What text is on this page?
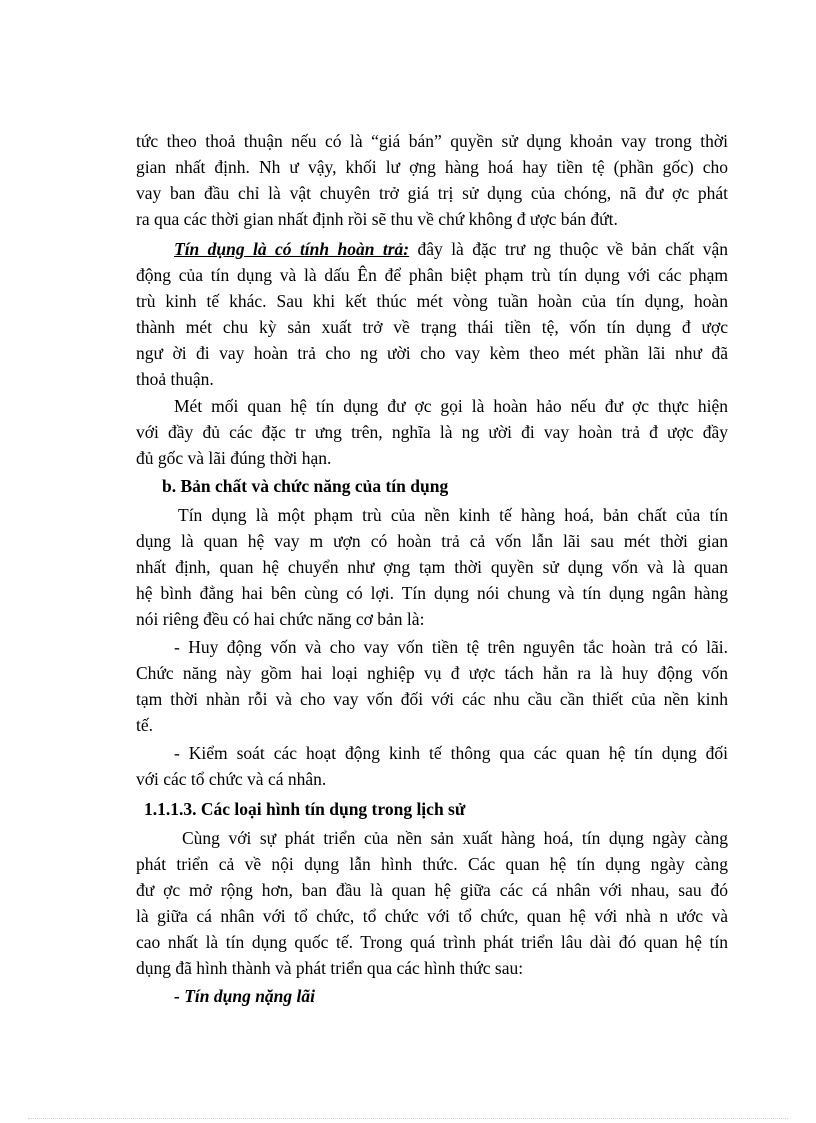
tức theo thoả thuận nếu có là “giá bán” quyền sử dụng khoản vay trong thời
gian nhất định. Nh ư vậy, khối lư ợng hàng hoá hay tiền tệ (phần gốc) cho
vay ban đầu chỉ là vật chuyên trở giá trị sử dụng của chóng, nã đư ợc phát
ra qua các thời gian nhất định rồi sẽ thu về chứ không đ ược bán đứt.
Tín dụng là có tính hoàn trả: đây là đặc trư ng thuộc về bản chất vận
động của tín dụng và là dấu Ên để phân biệt phạm trù tín dụng với các phạm
trù kinh tế khác. Sau khi kết thúc mét vòng tuần hoàn của tín dụng, hoàn
thành mét chu kỳ sản xuất trở về trạng thái tiền tệ, vốn tín dụng đ ược
ngư ời đi vay hoàn trả cho ng ười cho vay kèm theo mét phần lãi như đã
thoả thuận.
Mét mối quan hệ tín dụng đư ợc gọi là hoàn hảo nếu đư ợc thực hiện
với đầy đủ các đặc tr ưng trên, nghĩa là ng ười đi vay hoàn trả đ ược đầy
đủ gốc và lãi đúng thời hạn.
b. Bản chất và chức năng của tín dụng
Tín dụng là một phạm trù của nền kinh tế hàng hoá, bản chất của tín
dụng là quan hệ vay m ượn có hoàn trả cả vốn lẫn lãi sau mét thời gian
nhất định, quan hệ chuyển như ợng tạm thời quyền sử dụng vốn và là quan
hệ bình đẳng hai bên cùng có lợi. Tín dụng nói chung và tín dụng ngân hàng
nói riêng đều có hai chức năng cơ bản là:
- Huy động vốn và cho vay vốn tiền tệ trên nguyên tắc hoàn trả có lãi.
Chức năng này gồm hai loại nghiệp vụ đ ược tách hẳn ra là huy động vốn
tạm thời nhàn rỗi và cho vay vốn đối với các nhu cầu cần thiết của nền kinh
tế.
- Kiểm soát các hoạt động kinh tế thông qua các quan hệ tín dụng đối
với các tổ chức và cá nhân.
1.1.1.3. Các loại hình tín dụng trong lịch sử
Cùng với sự phát triển của nền sản xuất hàng hoá, tín dụng ngày càng
phát triển cả về nội dụng lẫn hình thức. Các quan hệ tín dụng ngày càng
đư ợc mở rộng hơn, ban đầu là quan hệ giữa các cá nhân với nhau, sau đó
là giữa cá nhân với tổ chức, tổ chức với tổ chức, quan hệ với nhà n ước và
cao nhất là tín dụng quốc tế. Trong quá trình phát triển lâu dài đó quan hệ tín
dụng đã hình thành và phát triển qua các hình thức sau:
- Tín dụng nặng lãi
